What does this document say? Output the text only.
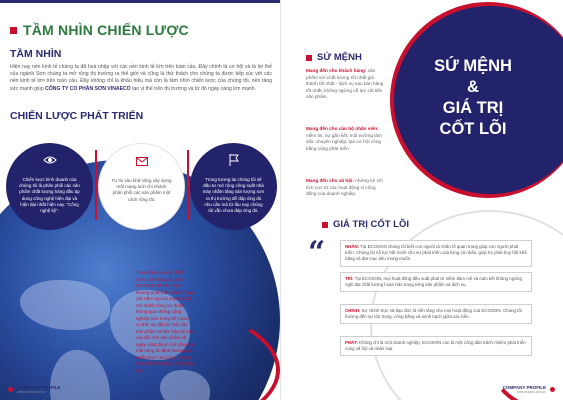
TẦM NHÌN CHIẾN LƯỢC
TẦM NHÌN
Hiện nay nền kinh tế chúng ta đã hoà nhập với các nền kinh tế lớn trên toàn cầu. Đây chính là cơ hội và là lợi thế của ngành Sơn chúng ta mở rộng thị trường ra thế giới và cũng là thử thách cho chúng ta được tiếp xúc với các nền kinh tế lớn trên toàn cầu. Đây không chỉ là khẩu hiệu mà còn là tầm nhìn chiến lược của chúng tôi, nền tảng sức mạnh giúp CÔNG TY CỔ PHẦN SƠN VINAECO tạo vị thế trên thị trường và từ đó ngày càng lớn mạnh.
CHIẾN LƯỢC PHÁT TRIỂN
Chiến lược kinh doanh của chúng tôi là phân phối các sản phẩm chất lượng hàng đầu áp dụng công nghệ hiện đại và hiện đại nhất hiện nay. "Công nghệ kỹ".
Tự tin vào khả năng xây dựng một mạng lưới chi nhánh phân phối các sản phẩm một cách rộng rãi.
Trong tương lai chúng tôi sẽ đầu tư mở rộng công suất nhà máy nhằm tăng sản lượng sơn ra thị trường để đáp ứng đủ nhu cầu mà từ lâu nay chúng tôi vẫn chưa đáp ứng đủ.
Trong định hướng chiến lược sơn kháng tại Sơn ECOSON đã lựa chọn hướng phát triển thành trong các năm qua và xuyên suốt với thành công sự đi đôi thông qua những công nghiệp sơn trong kế hoạch cụ thể, sự đầu tư mới các sản phẩm và làm bảo vệ cho các đổi mới sản phẩm sẽ ngày càng được mở rộng và mãi cùng ổn định hướng và chiến lược mà công ty đang theo đuổi sự thành công như vậy.
COMPANY PROFILE
www.ecoson.com.vn
SỨ MỆNH
&
GIÁ TRỊ
CỐT LÕI
SỨ MỆNH
Mang đến cho khách hàng: sản phẩm với chất lượng tốt nhất giá thành tốt nhất - dịch vụ sau bán hàng tốt nhất, không ngừng nỗ lực cải tiến sản phẩm.
Mang đến cho cán bộ nhân viên: niềm tin, sự gắn kết, môi trường làm việc chuyên nghiệp, tạo cơ hội công bằng cùng phát triển.
Mang đến cho xã hội: những lợi ích tích cực từ các hoạt động vì cộng đồng của doanh nghiệp.
GIÁ TRỊ CỐT LÕI
“	NHÂN: Tại ECOSON chúng tôi biết con người là nhân tố quan trọng giúp con người phát triển. Chúng tôi nỗ lực hết mình cho sự phát triển của từng cá nhân, giúp họ phát huy hết khả năng và đạt mục tiêu mong muốn.
TRÍ: Tại ECOSON, mọi hoạt động đều xuất phát từ niềm đam mê và cam kết không ngừng nghỉ đạt chất lượng hoàn hảo trong từng sản phẩm và dịch vụ.
CHÍNH: Sự chính trực và đạo đức là nền tảng cho mọi hoạt động của ECOSON. Chúng tôi hướng đến sự tôn trọng, công bằng và minh bạch giữa các bên.
PHÁT: Không chỉ là một doanh nghiệp, ECOSON còn là một công dân trách nhiệm phát triển cùng xã hội và nhân loại.
COMPANY PROFILE
www.ecoson.com.vn
